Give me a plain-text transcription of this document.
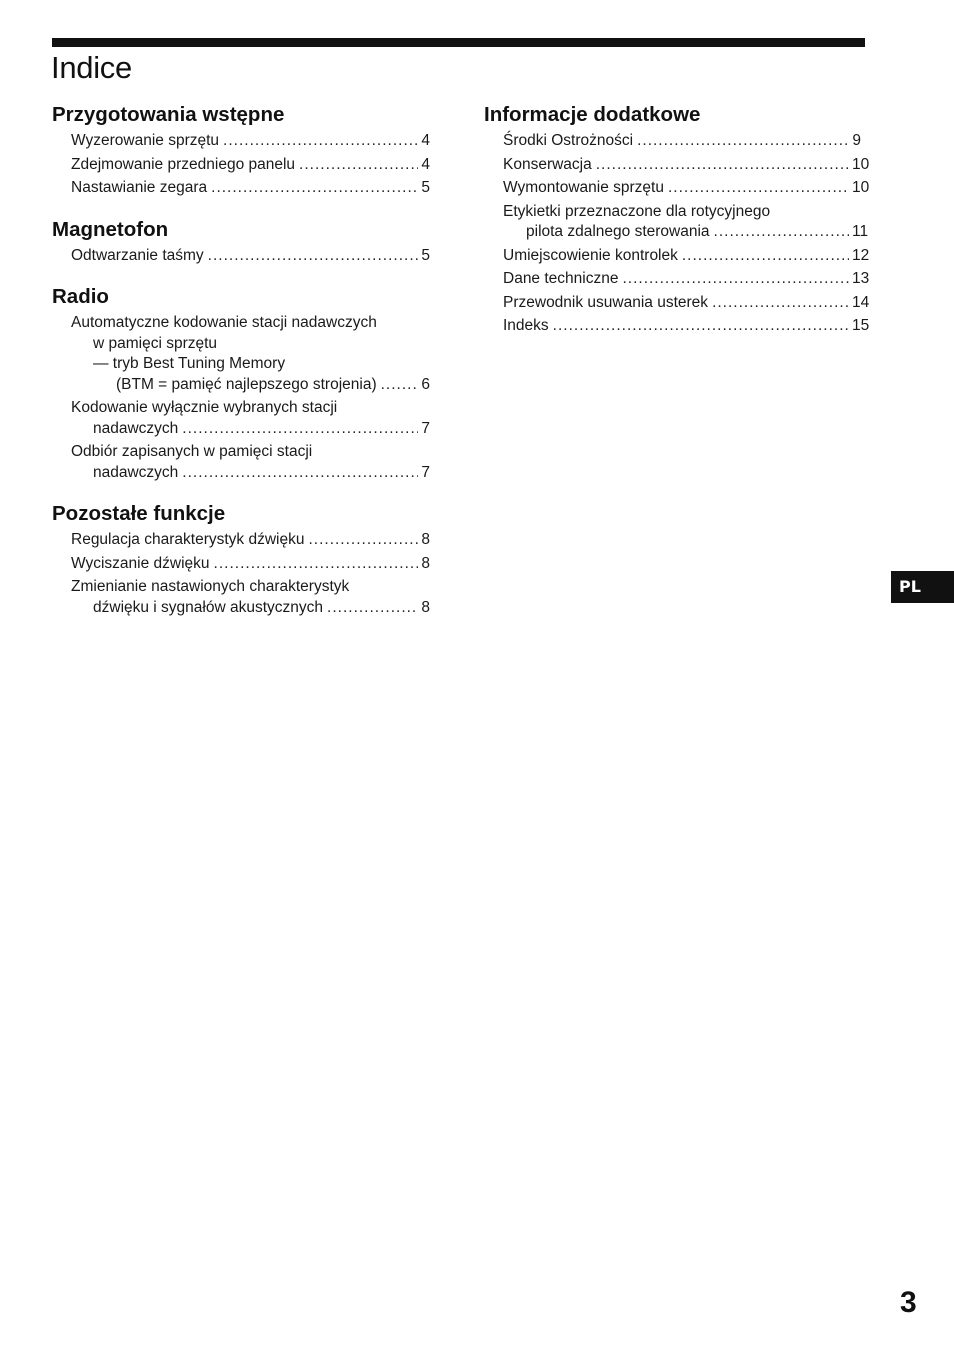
Indice
Przygotowania wstępne
Wyzerowanie sprzętu .....	4
Zdejmowanie przedniego panelu .....	4
Nastawianie zegara .....	5
Magnetofon
Odtwarzanie taśmy .....	5
Radio
Automatyczne kodowanie stacji nadawczych
w pamięci sprzętu
— tryb Best Tuning Memory
(BTM = pamięć najlepszego strojenia) .....	6
Kodowanie wyłącznie wybranych stacji
nadawczych .....	7
Odbiór zapisanych w pamięci stacji
nadawczych .....	7
Pozostałe funkcje
Regulacja charakterystyk dźwięku .....	8
Wyciszanie dźwięku .....	8
Zmienianie nastawionych charakterystyk
dźwięku i sygnałów akustycznych .....	8
Informacje dodatkowe
Środki Ostrożności .....	9
Konserwacja .....	10
Wymontowanie sprzętu .....	10
Etykietki przeznaczone dla rotycyjnego
pilota zdalnego sterowania .....	11
Umiejscowienie kontrolek .....	12
Dane techniczne .....	13
Przewodnik usuwania usterek .....	14
Indeks .....	15
PL
3
